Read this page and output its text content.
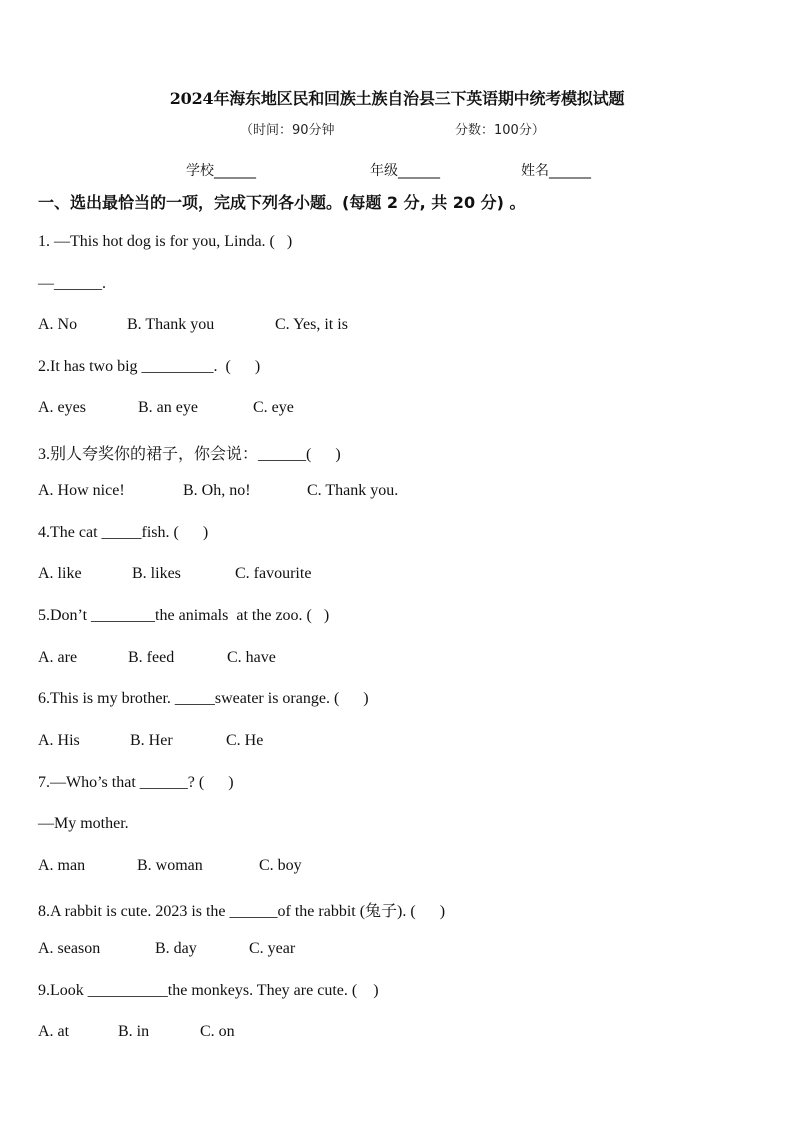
2024年海东地区民和回族土族自治县三下英语期中统考模拟试题
（时间：90分钟	分数：100分）
学校______	年级______	姓名______
一、选出最恰当的一项，完成下列各小题。(每题 2 分, 共 20 分) 。
1. —This hot dog is for you, Linda. (   )
—______.
A. No	B. Thank you	C. Yes, it is
2.It has two big _________.  (      )
A. eyes	B. an eye	C. eye
3.别人夸奖你的裙子，你会说：______(      )
A. How nice!	B. Oh, no!	C. Thank you.
4.The cat _____fish. (      )
A. like	B. likes	C. favourite
5.Don’t ________the animals  at the zoo. (   )
A. are	B. feed	C. have
6.This is my brother. _____sweater is orange. (      )
A. His	B. Her	C. He
7.—Who’s that ______? (      )
—My mother.
A. man	B. woman	C. boy
8.A rabbit is cute. 2023 is the ______of the rabbit (兔子). (      )
A. season	B. day	C. year
9.Look __________the monkeys. They are cute. (    )
A. at	B. in	C. on
